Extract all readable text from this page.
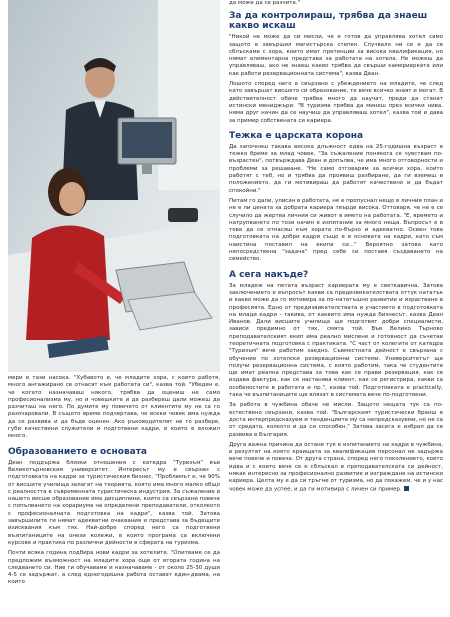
мери в тази насока. "Хубавото е, че младите хора, с които работя, много ангажирано се отнасят към работата си", казва той. "Убеден е, че когато назначаваш някого, трябва да оцениш не само професионализма му, но и човешките и да разбереш дали можеш да разчиташ на него. По думите му повечето от клиентите му не са го разочаровали. В същото време подчертава, че всеки човек има нужда да се развива и да бъде оценен. Ако ръководителят не го разбере, губи качествени служители и подготвени кадри, в които е вложил много.

Образованието е основата

Деан поддържа близки отношения с катедра "Туризъм" във Великотърновския университет. Интересът му е свързан с подготовката на кадри за туристическия бизнес. "Проблемът е, че 90% от висшите училища залагат на теорията, която има много малко общо с реалността в съвременната туристическа индустрия. За съжаление в нашето висше образование има дисциплини, които са свързани повече с попълването на хорариума на определени преподаватели, отколкото с професионалната подготовка на кадри", казва той. Затова завършилите ги нямат адекватни очаквания и представа за бъдещите изисквания към тях. Най-добре според него са подготвени възпитаниците на онези колежи, в които програма са включени курсове и практика по различни дейности в сферата на туризма.

Почти всяка година подбира нови кадри за хотелите. "Опитваме се да предложим възможност на младите хора още от втората година на следването си. Ние ги обучаваме и назначаваме - от около 25-30 души 4-5 се задържат, а след едногодишна работа остават един-двама, на които

да може да се разчита."

За да контролираш, трябва да знаеш какво искаш

"Никой не може да си мисли, че е готов да управлява хотел само защото е завършил магистърска степен. Случвало ни се е да се сблъскаме с хора, които имат претенции за висока квалификация, но нямат елементарна представа за работата на хотела. Не можеш да управляваш, ако не знаеш какво трябва да свърши камериерката или как работи резервационната система", казва Деан.

Лошото според него е свързано с убеждението на младите, че след като завършат висшето си образование, те вече всичко знаят и могат. В действителност обаче трябва много да научат, преди да станат истински мениджъри. "В туризма трябва да минеш през всички нива, няма друг начин да се научиш да управляваш хотел", казва той и дава за пример собствената си кариера.

Тежка е царската корона

Да започнеш такава висока длъжност едва на 25-годишна възраст е тежко бреме за млад човек. "За съжаление понякога се чувствам по-възрастен", потвърждава Деан и допълва, че има много отговорности и проблеми за решаване. "Не само отговарям за всички хора, които работят с теб, но и трябва да проявиш разбиране, да ги вземеш в положението, да ги мотивираш да работят качествено и да бъдат спокойни."

Питам го дали, улисан в работата, не е пропуснал нещо в личния план и не е ли цената за добрата кариера твърде висока. Оттоваря, че не е се случило да жертва личния си живот в името на работата. "Е, времето и натрупването по този начин е изпитание за много неща. Въпросът е в това да се отнасяш към хората по-бързо и адекватно. Освен това подготовката на добри кадри също е в основата на кадри, като съм наистина поставил на екипа си..." Вероятно затова като непосредствена "задача" пред себе си поставя създаването на семейство.

А сега накъде?

За младеж на петата възраст кариерата му е светкавична. Затова заключението е въпросът какви са предизвикателствата оттук нататък и какво може да го мотивира за по-нататъшно развитие и израстване в професията. Едно от предизвикателствата и участието в подготовката на млади кадри - такива, от каквито има нужда бизнесът, казва Деан Иванов. Дали висшите училища ще подготвят добри специалисти, зависи предимно от тях, смята той. Във Велико Търново преподавателският екип има реално мислене и готовност да съчетае теоретичната подготовка с практиката. "С част от колегите от катедра "Туризъм" вече работим заедно. Съвместната дейност е свързана с обучение по хотелски резервационни системи. Университетът ще получи резервационна система, с която работим, така че студентите ще имат реална представа за това как се прави резервация, как се издава фактура, как се настанява клиент, как се регистрира, какви са особеностите в работата и пр.", казва той. Подготовката е practically, така че възпитаниците ще влязат в системата вече по-подготвени.

За работа в чужбина обаче не мисли. Защото нещата тук са по-естествено свързани, казва той. "Българският туристически бранш е доста интерпредсказуем и тенденциите му са непредсказуеми, но не са от средата, колкото и да си способен." Затова засега е избрал да се развива в България.

Друга важна причина да остане тук е изпитанието на кадри в чужбина, в резултат на която краищата за квалификация персонал не задържа вече повече и повече. От друга страна, според него поколението, което идва и с които вече се е сблъскал в преподавателската си дейност, някак интересно за професионално развитие и изграждане на истински кариера. Целта му е да си тръгне от туризма, но да покажем, че и у нас човек може да успее, и да ги мотивира с личен си пример.
